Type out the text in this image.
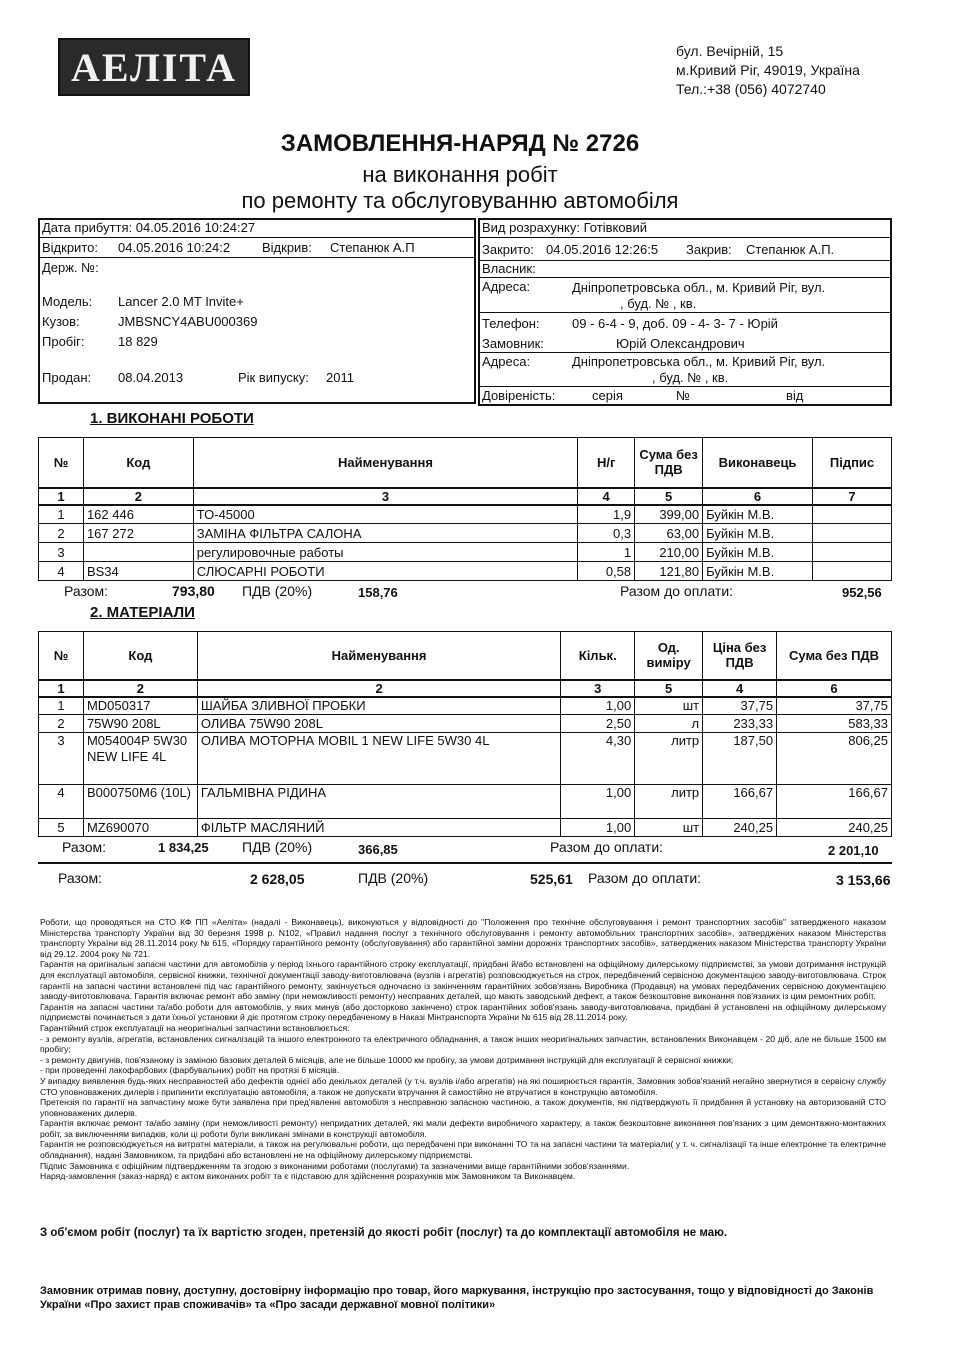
АЕЛІТА	бул. Вечірній, 15
м.Кривий Ріг, 49019, Україна
Тел.:+38 (056) 4072740
ЗАМОВЛЕННЯ-НАРЯД № 2726
на виконання робіт
по ремонту та обслуговуванню автомобіля
Дата прибуття: 04.05.2016 10:24:27
Відкрито: 04.05.2016 10:24:2 Відкрив: Степанюк А.П
Держ. №:
Модель: Lancer 2.0 MT Invite+
Кузов:	JMBSNCY4ABU000369
Пробіг:	18 829
Продан: 08.04.2013	Рік випуску: 2011
Вид розрахунку: Готівковий
Закрито: 04.05.2016 12:26:5 Закрив: Степанюк А.П.
Власник:
Адреса:	Дніпропетровська обл., м. Кривий Ріг, вул.
, буд. № , кв.
Телефон: 09 - 6-4 - 9, доб. 09 - 4- 3- 7 - Юрій
Замовник:	Юрій Олександрович
Адреса:	Дніпропетровська обл., м. Кривий Ріг, вул.
, буд. № , кв.
Довіреність:	серія	№	від
1. ВИКОНАНІ РОБОТИ
№	Код	Найменування	Н/г	Сума без ПДВ	Виконавець	Підпис
1	2	3	4	5	6	7
1	162 446	ТО-45000	1,9	399,00	Буйкін М.В.	
2	167 272	ЗАМІНА ФІЛЬТРА САЛОНА	0,3	63,00	Буйкін М.В.	
3		регулировочные работы	1	210,00	Буйкін М.В.	
4	BS34	СЛЮСАРНІ РОБОТИ	0,58	121,80	Буйкін М.В.	
Разом:	793,80 ПДВ (20%)	158,76	Разом до оплати:	952,56
2. МАТЕРІАЛИ
№	Код	Найменування	Кільк.	Од. виміру	Ціна без ПДВ	Сума без ПДВ
1	2	2	3	5	4	6
1	MD050317	ШАЙБА ЗЛИВНОЇ ПРОБКИ	1,00	шт	37,75	37,75
2	75W90 208L	ОЛИВА 75W90 208L	2,50	л	233,33	583,33
3	M054004P 5W30 NEW LIFE 4L	ОЛИВА МОТОРНА MOBIL 1 NEW LIFE 5W30 4L	4,30	литр	187,50	806,25
4	B000750M6 (10L)	ГАЛЬМІВНА РІДИНА	1,00	литр	166,67	166,67
5	MZ690070	ФІЛЬТР МАСЛЯНИЙ	1,00	шт	240,25	240,25
Разом:	1 834,25 ПДВ (20%)	366,85	Разом до оплати:	2 201,10
Разом:	2 628,05	ПДВ (20%)	525,61 Разом до оплати:	3 153,66

Роботи, що проводяться на СТО КФ ПП «Аеліта» (надалі - Виконавець), виконуються у відповідності до "Положення про технічне обслуговування і ремонт транспортних засобів" затвердженого наказом Міністерства транспорту України від 30 березня 1998 р. N102, «Правил надання послуг з технічного обслуговування і ремонту автомобільних транспортних засобів», затверджених наказом Міністерства транспорту України від 28.11.2014 року № 615, «Порядку гарантійного ремонту (обслуговування) або гарантійної заміни дорожніх транспортних засобів», затверджених наказом Міністерства транспорту України від 29.12. 2004 року № 721.

Гарантія на оригінальні запасні частини для автомобілів у період їхнього гарантійного строку експлуатації, придбані й/або встановлені на офіційному дилерському підприємстві, за умови дотримання інструкцій для експлуатації автомобіля, сервісної книжки, технічної документації заводу-виготовлювача (вузлів і агрегатів) розповсюджується на строк, передбачений сервісною документацією заводу-виготовлювача. Строк гарантії на запасні частини встановлені під час гарантійного ремонту, закінчується одночасно із закінченням гарантійних зобов'язань Виробника (Продавця) на умовах передбачених сервісною документацією заводу-виготовлювача. Гарантія включає ремонт або заміну (при неможливості ремонту) несправних деталей, що мають заводський дефект, а також безкоштовне виконання пов'язаних із цим ремонтних робіт.

Гарантія на запасні частини та/або роботи для автомобілів, у яких минув (або досторково закінчено) строк гарантійних зобов'язань заводу-виготовлювача, придбані й установлені на офіційному дилерському підприємстві починається з дати їхньої установки й діє протягом строку передбаченому в Наказі Мінтранспорта України № 615 від 28.11.2014 року.

Гарантійний строк експлуатації на неоригінальні запчастини встановлюється:

- з ремонту вузлів, агрегатів, встановлених сигналізацій та іншого електронного та електричного обладнання, а також інших неоригінальних запчастин, встановлених Виконавцем - 20 діб, але не більше 1500 км пробігу;

- з ремонту двигунів, пов'язаному із заміною базових деталей 6 місяців, але не більше 10000 км пробігу, за умови дотримання інструкцій для експлуатації й сервісної книжки;

- при проведенні лакофарбових (фарбувальних) робіт на протязі 6 місяців.

У випадку виявлення будь-яких несправностей або дефектів однієї або декількох деталей (у т.ч. вузлів і/або агрегатів) на які поширюється гарантія, Замовник зобов'язаний негайно звернутися в сервісну службу СТО уповноважених дилерів і припинити експлуатацію автомобіля, а також не допускати втручання й самостійно не втручатися в конструкцію автомобіля.

Претензія по гарантії на запчастину може бути заявлена при пред'явленні автомобіля з несправною запасною частиною, а також документів, які підтверджують її придбання й установку на авторизованій СТО уповноважених дилерів.

Гарантія включає ремонт та/або заміну (при неможливості ремонту) непридатних деталей, які мали дефекти виробничого характеру, а також безкоштовне виконання пов'язаних з цим демонтажно-монтажних робіт, за виключенням випадків, коли ці роботи були викликані змінами в конструкції автомобіля.

Гарантія не розповсюджується на витратні матеріали, а також на регулювальні роботи, що передбачені при виконанні ТО та на запасні частини та матеріали( у т. ч. сигналізації та інше електронне та електричне обладнання), надані Замовником, та придбані або встановлені не на офіційному дилерському підприємстві.

Підпис Замовника є офіційним підтвердженням та згодою з виконаними роботами (послугами) та зазначеними вище гарантійними зобов'язаннями.

Наряд-замовлення (заказ-наряд) є актом виконаних робіт та є підставою для здійснення розрахунків між Замовником та Виконавцем.

З об'ємом робіт (послуг) та їх вартістю згоден, претензій до якості робіт (послуг) та до комплектації автомобіля не маю.
Замовник отримав повну, доступну, достовірну інформацію про товар, його маркування, інструкцію про застосування, тощо у відповідності до Законів України «Про захист прав споживачів» та «Про засади державної мовної політики»
